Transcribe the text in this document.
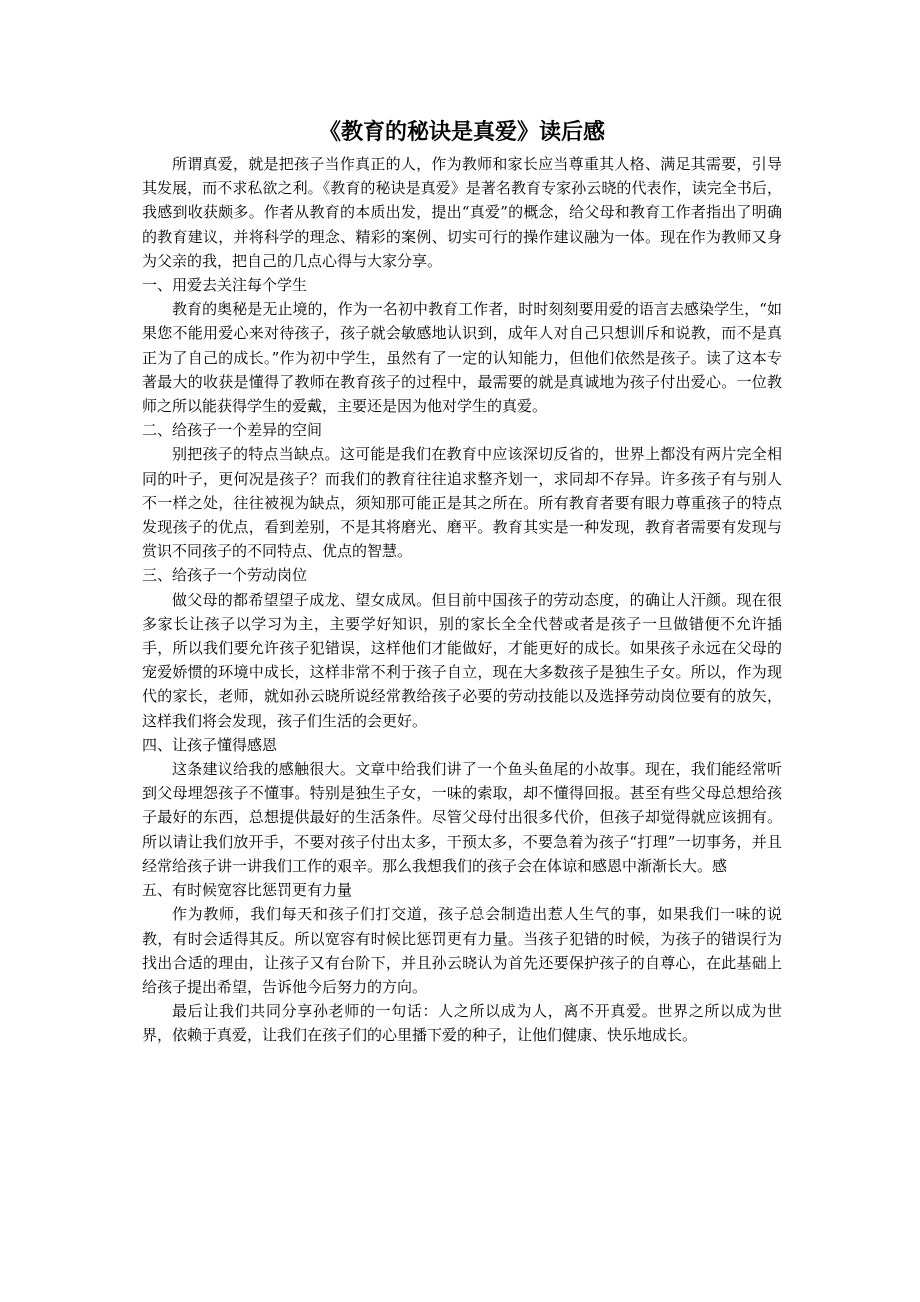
《教育的秘诀是真爱》读后感

所谓真爱，就是把孩子当作真正的人，作为教师和家长应当尊重其人格、满足其需要，引导其发展，而不求私欲之利。《教育的秘诀是真爱》是著名教育专家孙云晓的代表作，读完全书后，我感到收获颇多。作者从教育的本质出发，提出“真爱”的概念，给父母和教育工作者指出了明确的教育建议，并将科学的理念、精彩的案例、切实可行的操作建议融为一体。现在作为教师又身为父亲的我，把自己的几点心得与大家分享。

一、用爱去关注每个学生

教育的奥秘是无止境的，作为一名初中教育工作者，时时刻刻要用爱的语言去感染学生，“如果您不能用爱心来对待孩子，孩子就会敏感地认识到，成年人对自己只想训斥和说教，而不是真正为了自己的成长。”作为初中学生，虽然有了一定的认知能力，但他们依然是孩子。读了这本专著最大的收获是懂得了教师在教育孩子的过程中，最需要的就是真诚地为孩子付出爱心。一位教师之所以能获得学生的爱戴，主要还是因为他对学生的真爱。

二、给孩子一个差异的空间

别把孩子的特点当缺点。这可能是我们在教育中应该深切反省的，世界上都没有两片完全相同的叶子，更何况是孩子？而我们的教育往往追求整齐划一，求同却不存异。许多孩子有与别人不一样之处，往往被视为缺点，须知那可能正是其之所在。所有教育者要有眼力尊重孩子的特点发现孩子的优点，看到差别，不是其将磨光、磨平。教育其实是一种发现，教育者需要有发现与赏识不同孩子的不同特点、优点的智慧。

三、给孩子一个劳动岗位

做父母的都希望望子成龙、望女成凤。但目前中国孩子的劳动态度，的确让人汗颜。现在很多家长让孩子以学习为主，主要学好知识，别的家长全全代替或者是孩子一旦做错便不允许插手，所以我们要允许孩子犯错误，这样他们才能做好，才能更好的成长。如果孩子永远在父母的宠爱娇惯的环境中成长，这样非常不利于孩子自立，现在大多数孩子是独生子女。所以，作为现代的家长，老师，就如孙云晓所说经常教给孩子必要的劳动技能以及选择劳动岗位要有的放矢，这样我们将会发现，孩子们生活的会更好。

四、让孩子懂得感恩

这条建议给我的感触很大。文章中给我们讲了一个鱼头鱼尾的小故事。现在，我们能经常听到父母埋怨孩子不懂事。特别是独生子女，一味的索取，却不懂得回报。甚至有些父母总想给孩子最好的东西，总想提供最好的生活条件。尽管父母付出很多代价，但孩子却觉得就应该拥有。所以请让我们放开手，不要对孩子付出太多，干预太多，不要急着为孩子“打理”一切事务，并且经常给孩子讲一讲我们工作的艰辛。那么我想我们的孩子会在体谅和感恩中渐渐长大。感

五、有时候宽容比惩罚更有力量

作为教师，我们每天和孩子们打交道，孩子总会制造出惹人生气的事，如果我们一味的说教，有时会适得其反。所以宽容有时候比惩罚更有力量。当孩子犯错的时候，为孩子的错误行为找出合适的理由，让孩子又有台阶下，并且孙云晓认为首先还要保护孩子的自尊心，在此基础上给孩子提出希望，告诉他今后努力的方向。

最后让我们共同分享孙老师的一句话：人之所以成为人，离不开真爱。世界之所以成为世界，依赖于真爱，让我们在孩子们的心里播下爱的种子，让他们健康、快乐地成长。
